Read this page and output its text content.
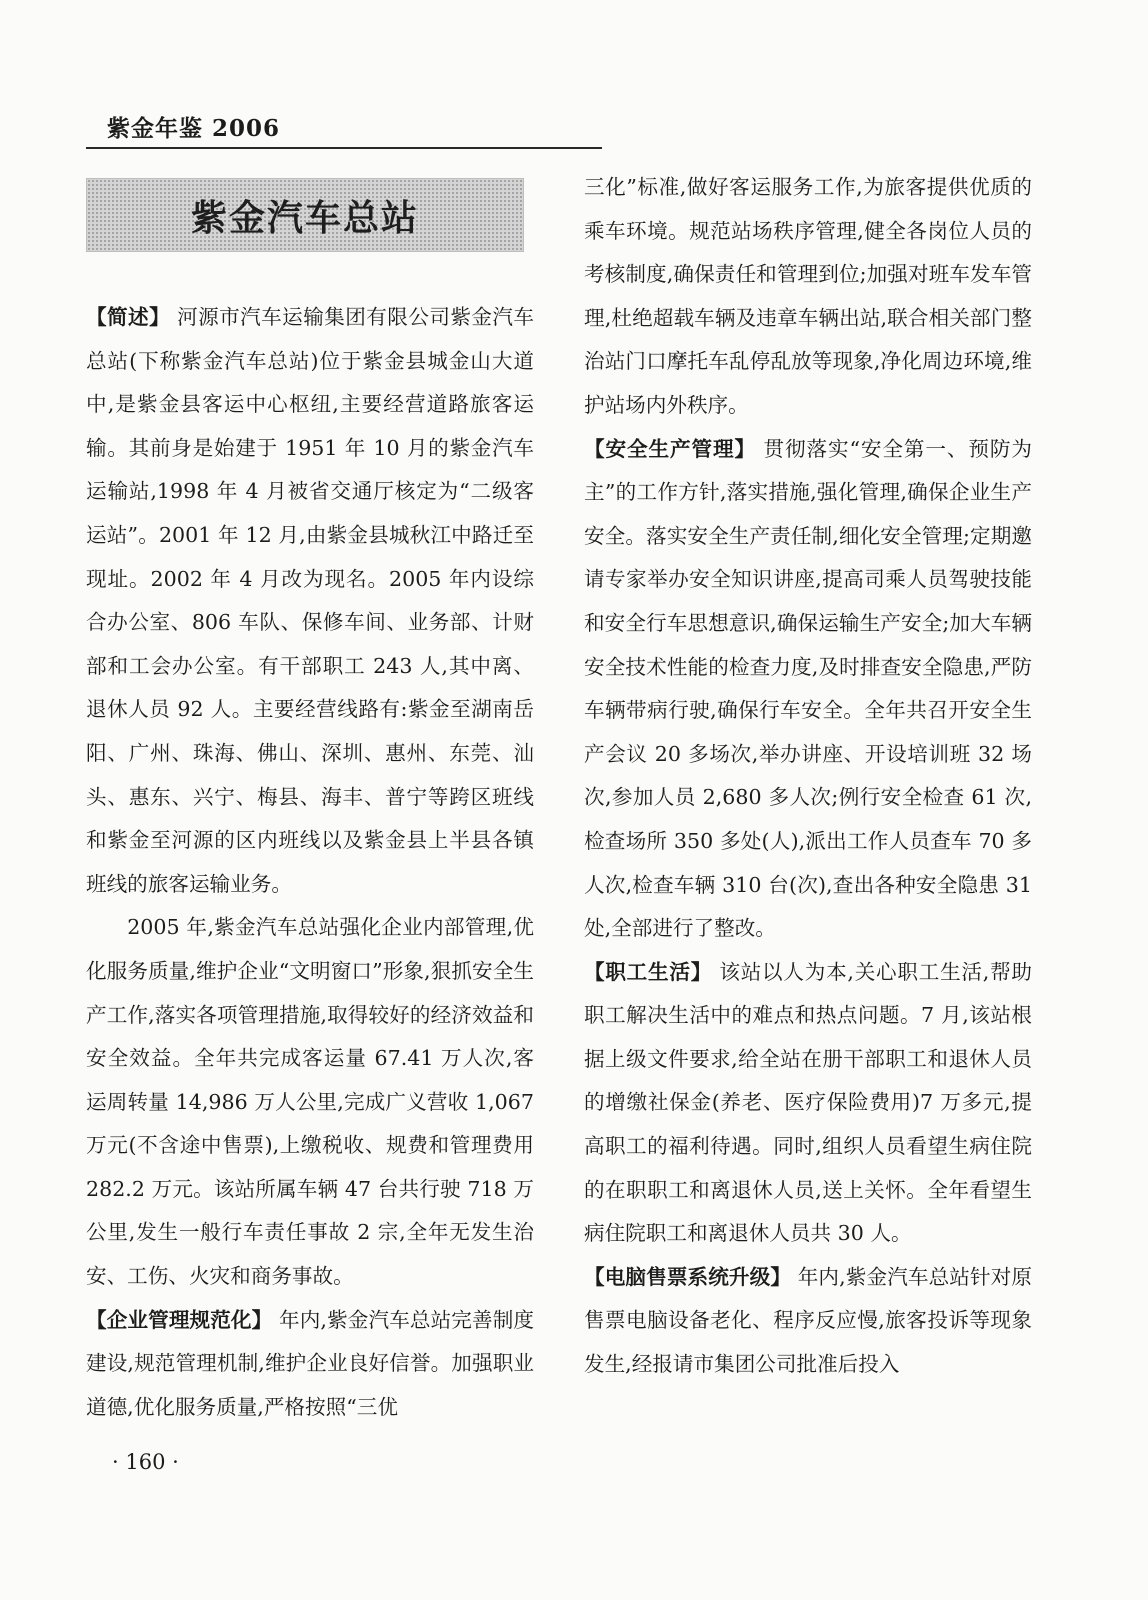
紫金年鉴 2006
紫金汽车总站

【简述】 河源市汽车运输集团有限公司紫金汽车总站(下称紫金汽车总站)位于紫金县城金山大道中,是紫金县客运中心枢纽,主要经营道路旅客运输。其前身是始建于 1951 年 10 月的紫金汽车运输站,1998 年 4 月被省交通厅核定为“二级客运站”。2001 年 12 月,由紫金县城秋江中路迁至现址。2002 年 4 月改为现名。2005 年内设综合办公室、806 车队、保修车间、业务部、计财部和工会办公室。有干部职工 243 人,其中离、退休人员 92 人。主要经营线路有:紫金至湖南岳阳、广州、珠海、佛山、深圳、惠州、东莞、汕头、惠东、兴宁、梅县、海丰、普宁等跨区班线和紫金至河源的区内班线以及紫金县上半县各镇班线的旅客运输业务。

2005 年,紫金汽车总站强化企业内部管理,优化服务质量,维护企业“文明窗口”形象,狠抓安全生产工作,落实各项管理措施,取得较好的经济效益和安全效益。全年共完成客运量 67.41 万人次,客运周转量 14,986 万人公里,完成广义营收 1,067 万元(不含途中售票),上缴税收、规费和管理费用 282.2 万元。该站所属车辆 47 台共行驶 718 万公里,发生一般行车责任事故 2 宗,全年无发生治安、工伤、火灾和商务事故。

【企业管理规范化】 年内,紫金汽车总站完善制度建设,规范管理机制,维护企业良好信誉。加强职业道德,优化服务质量,严格按照“三优

三化”标准,做好客运服务工作,为旅客提供优质的乘车环境。规范站场秩序管理,健全各岗位人员的考核制度,确保责任和管理到位;加强对班车发车管理,杜绝超载车辆及违章车辆出站,联合相关部门整治站门口摩托车乱停乱放等现象,净化周边环境,维护站场内外秩序。

【安全生产管理】 贯彻落实“安全第一、预防为主”的工作方针,落实措施,强化管理,确保企业生产安全。落实安全生产责任制,细化安全管理;定期邀请专家举办安全知识讲座,提高司乘人员驾驶技能和安全行车思想意识,确保运输生产安全;加大车辆安全技术性能的检查力度,及时排查安全隐患,严防车辆带病行驶,确保行车安全。全年共召开安全生产会议 20 多场次,举办讲座、开设培训班 32 场次,参加人员 2,680 多人次;例行安全检查 61 次,检查场所 350 多处(人),派出工作人员查车 70 多人次,检查车辆 310 台(次),查出各种安全隐患 31 处,全部进行了整改。

【职工生活】 该站以人为本,关心职工生活,帮助职工解决生活中的难点和热点问题。7 月,该站根据上级文件要求,给全站在册干部职工和退休人员的增缴社保金(养老、医疗保险费用)7 万多元,提高职工的福利待遇。同时,组织人员看望生病住院的在职职工和离退休人员,送上关怀。全年看望生病住院职工和离退休人员共 30 人。

【电脑售票系统升级】 年内,紫金汽车总站针对原售票电脑设备老化、程序反应慢,旅客投诉等现象发生,经报请市集团公司批准后投入

· 160 ·
